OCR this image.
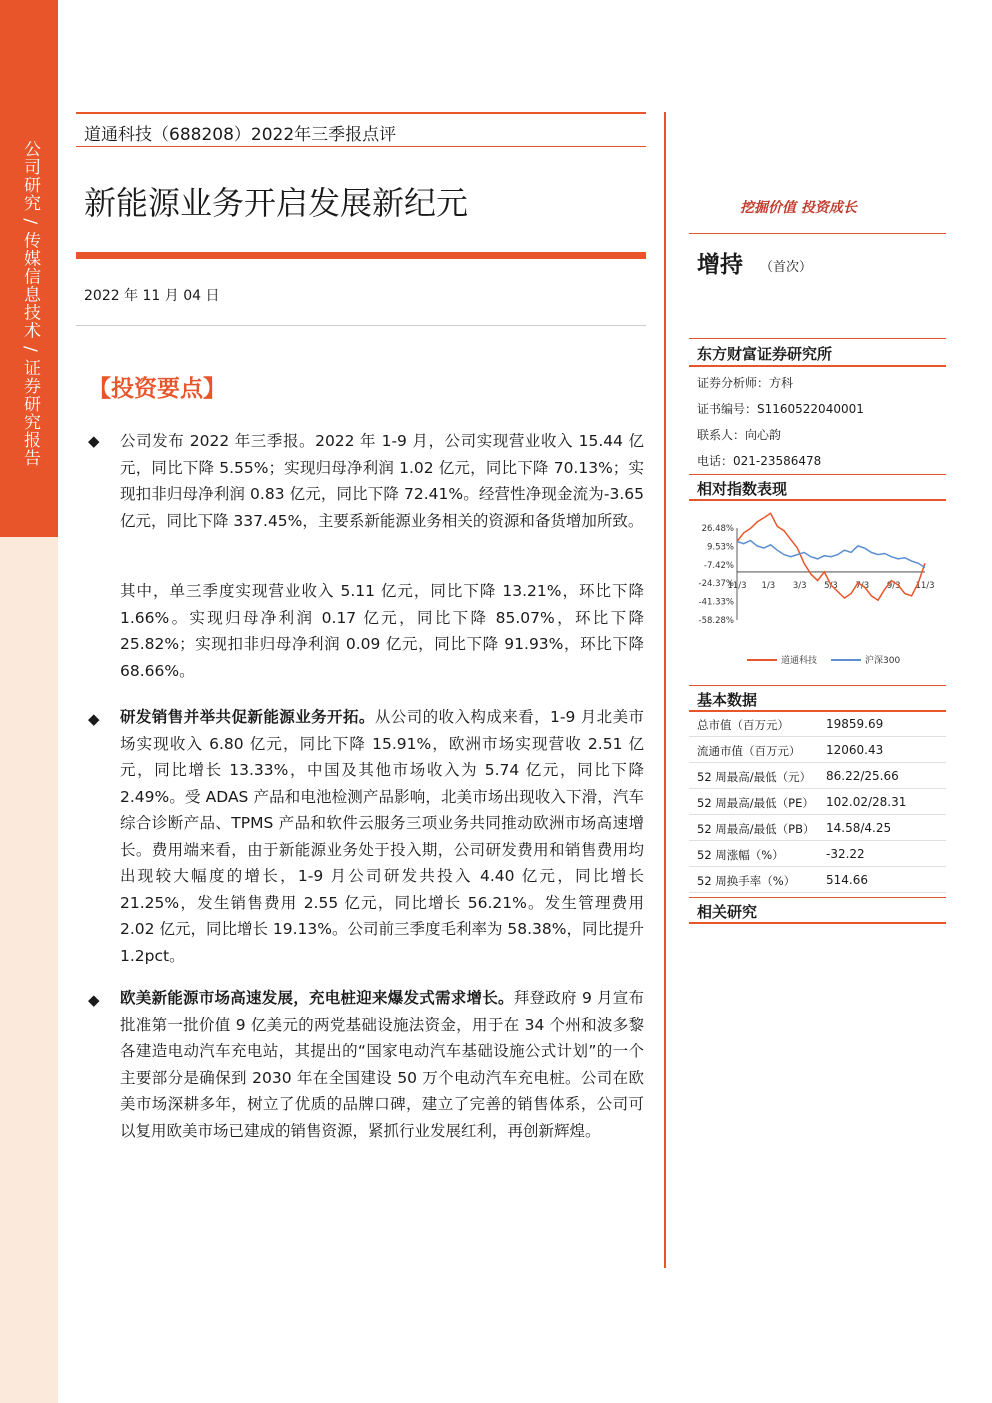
公司研究 / 传媒信息技术 / 证券研究报告
道通科技（688208）2022年三季报点评
新能源业务开启发展新纪元
2022 年 11 月 04 日
【投资要点】
◆ 公司发布 2022 年三季报。2022 年 1-9 月，公司实现营业收入 15.44 亿元，同比下降 5.55%；实现归母净利润 1.02 亿元，同比下降 70.13%；实现扣非归母净利润 0.83 亿元，同比下降 72.41%。经营性净现金流为-3.65 亿元，同比下降 337.45%，主要系新能源业务相关的资源和备货增加所致。
其中，单三季度实现营业收入 5.11 亿元，同比下降 13.21%，环比下降 1.66%。实现归母净利润 0.17 亿元，同比下降 85.07%，环比下降 25.82%；实现扣非归母净利润 0.09 亿元，同比下降 91.93%，环比下降 68.66%。
◆ 研发销售并举共促新能源业务开拓。从公司的收入构成来看，1-9 月北美市场实现收入 6.80 亿元，同比下降 15.91%，欧洲市场实现营收 2.51 亿元，同比增长 13.33%，中国及其他市场收入为 5.74 亿元，同比下降 2.49%。受 ADAS 产品和电池检测产品影响，北美市场出现收入下滑，汽车综合诊断产品、TPMS 产品和软件云服务三项业务共同推动欧洲市场高速增长。费用端来看，由于新能源业务处于投入期，公司研发费用和销售费用均出现较大幅度的增长，1-9 月公司研发共投入 4.40 亿元，同比增长 21.25%，发生销售费用 2.55 亿元，同比增长 56.21%。发生管理费用 2.02 亿元，同比增长 19.13%。公司前三季度毛利率为 58.38%，同比提升 1.2pct。
◆ 欧美新能源市场高速发展，充电桩迎来爆发式需求增长。拜登政府 9 月宣布批准第一批价值 9 亿美元的两党基础设施法资金，用于在 34 个州和波多黎各建造电动汽车充电站，其提出的“国家电动汽车基础设施公式计划”的一个主要部分是确保到 2030 年在全国建设 50 万个电动汽车充电桩。公司在欧美市场深耕多年，树立了优质的品牌口碑，建立了完善的销售体系，公司可以复用欧美市场已建成的销售资源，紧抓行业发展红利，再创新辉煌。
挖掘价值 投资成长
增持 （首次）
东方财富证券研究所
证券分析师：方科
证书编号：S1160522040001
联系人：向心韵
电话：021-23586478
相对指数表现
26.48%
9.53%
-7.42%
-24.37%
-41.33%
-58.28%
11/3 1/3 3/3 5/3 7/3 9/3 11/3
道通科技	沪深300
基本数据
总市值（百万元）	19859.69
流通市值（百万元） 12060.43
52 周最高/最低（元） 86.22/25.66
52 周最高/最低（PE） 102.02/28.31
52 周最高/最低（PB） 14.58/4.25
52 周涨幅（%）	-32.22
52 周换手率（%）	514.66
相关研究
